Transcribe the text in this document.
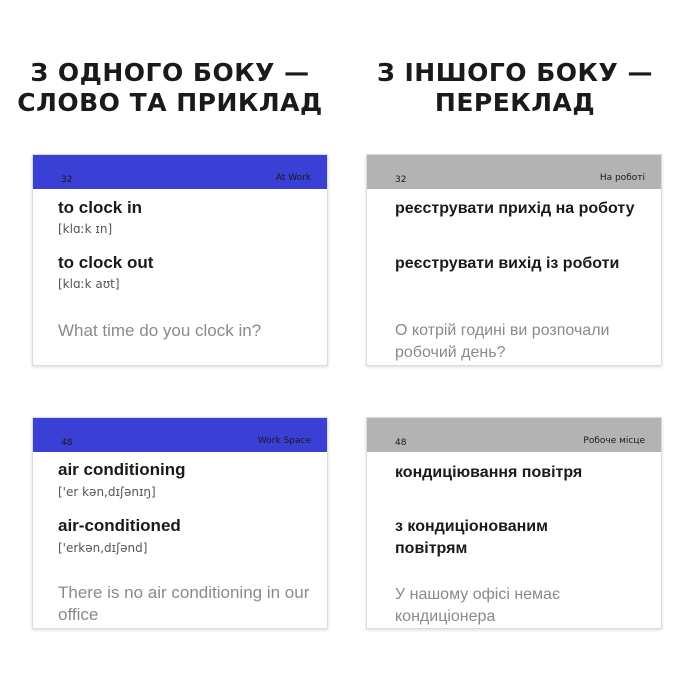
З ОДНОГО БОКУ —
СЛОВО ТА ПРИКЛАД
З ІНШОГО БОКУ —
ПЕРЕКЛАД
32	At Work
to clock in
[klɑːk ɪn]
to clock out
[klɑːk aʊt]
What time do you clock in?
32	На роботі
реєструвати прихід на роботу
реєструвати вихід із роботи
О котрій годині ви розпочали робочий день?
48	Work Space
air conditioning
['er kən,dɪʃənɪŋ]
air-conditioned
['erkən,dɪʃənd]
There is no air conditioning in our office
48	Робоче місце
кондиціювання повітря
з кондиціонованим повітрям
У нашому офісі немає кондиціонера
